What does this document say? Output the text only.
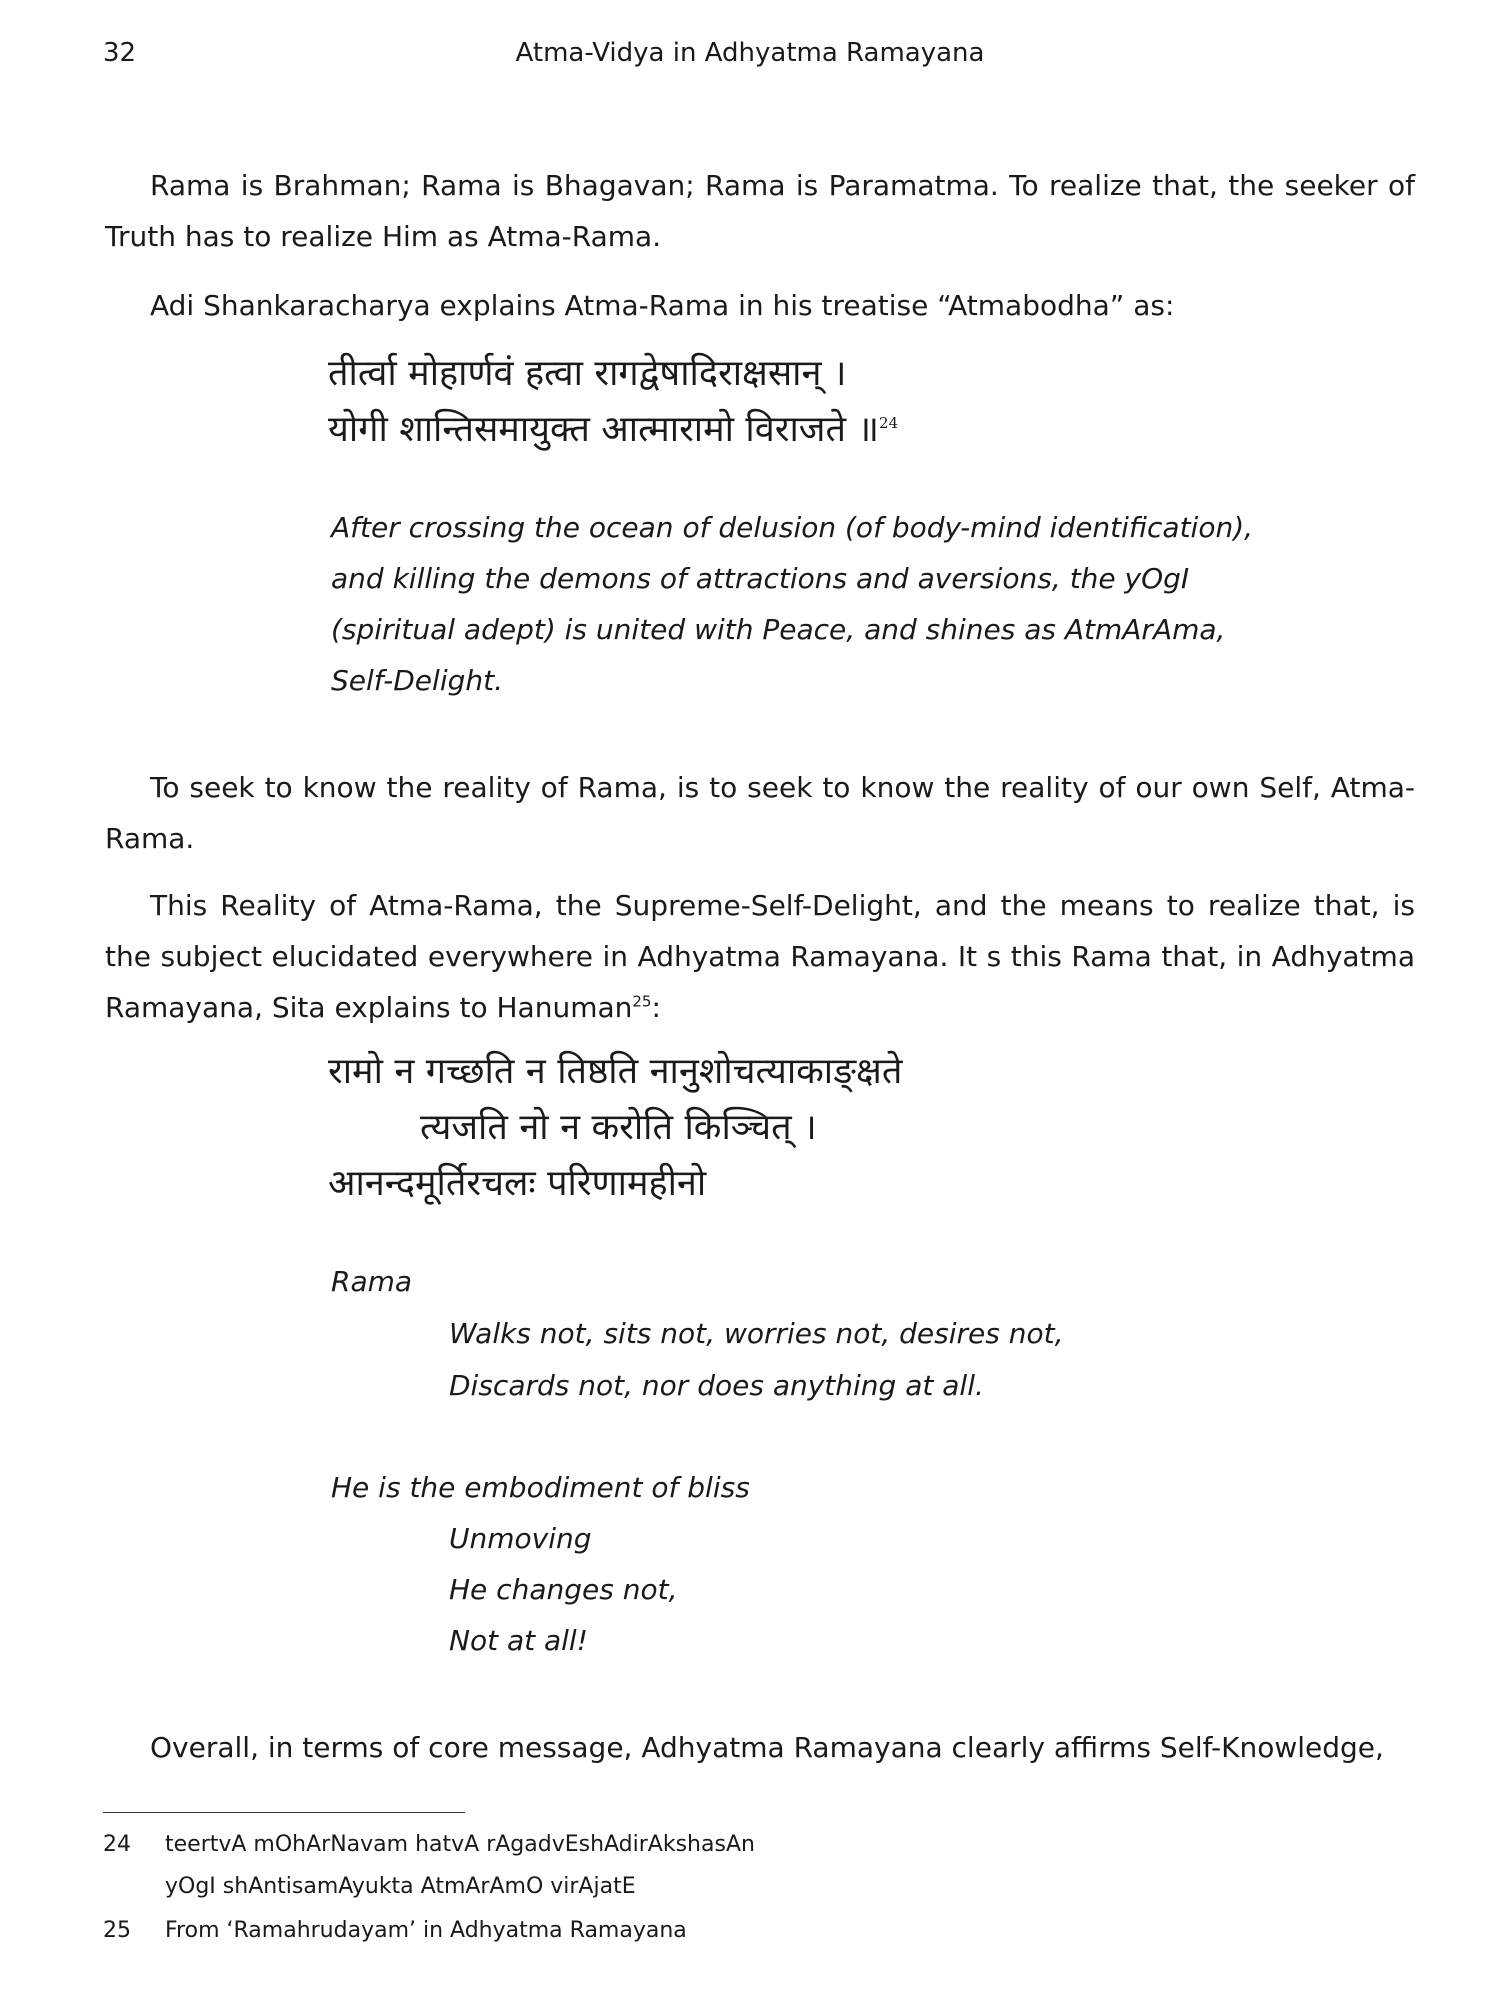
32	Atma-Vidya in Adhyatma Ramayana

Rama is Brahman; Rama is Bhagavan; Rama is Paramatma. To realize that, the seeker of Truth has to realize Him as Atma-Rama.

Adi Shankaracharya explains Atma-Rama in his treatise “Atmabodha” as:

तीर्त्वा मोहार्णवं हत्वा रागद्वेषादिराक्षसान् ।
योगी शान्तिसमायुक्त आत्मारामो विराजते ॥$^{24}$
After crossing the ocean of delusion (of body-mind identification),
and killing the demons of attractions and aversions, the yOgI
(spiritual adept) is united with Peace, and shines as AtmArAma,
Self-Delight.

To seek to know the reality of Rama, is to seek to know the reality of our own Self, Atma-Rama.

This Reality of Atma-Rama, the Supreme-Self-Delight, and the means to realize that, is the subject elucidated everywhere in Adhyatma Ramayana. It s this Rama that, in Adhyatma Ramayana, Sita explains to Hanuman$^{25}$:

रामो न गच्छति न तिष्ठति नानुशोचत्याकाङ्क्षते
त्यजति नो न करोति किञ्चित् ।
आनन्दमूर्तिरचलः परिणामहीनो
Rama
Walks not, sits not, worries not, desires not,
Discards not, nor does anything at all.
He is the embodiment of bliss
Unmoving
He changes not,
Not at all!

Overall, in terms of core message, Adhyatma Ramayana clearly affirms Self-Knowledge,

24 teertvA mOhArNavam hatvA rAgadvEshAdirAkshasAn
yOgI shAntisamAyukta AtmArAmO virAjatE
25 From ‘Ramahrudayam’ in Adhyatma Ramayana
